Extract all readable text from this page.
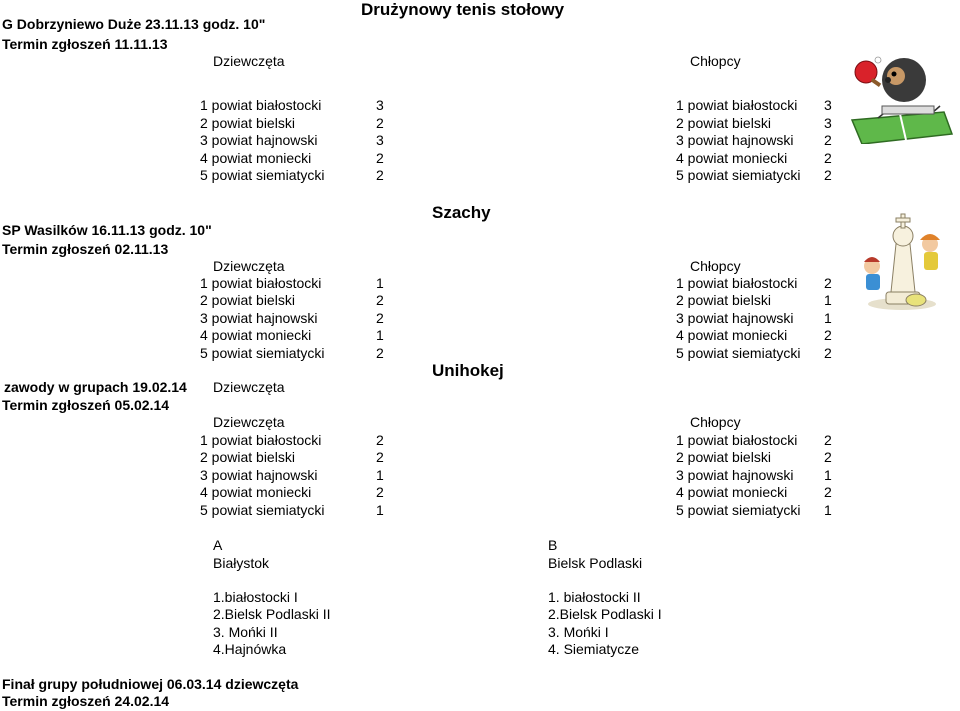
Drużynowy tenis stołowy
G Dobrzyniewo Duże 23.11.13 godz. 10"
Termin zgłoszeń 11.11.13
Dziewczęta	Chłopcy
1 powiat białostocki	3
2 powiat bielski	2
3 powiat hajnowski	3
4 powiat moniecki	2
5 powiat siemiatycki	2
1 powiat białostocki 3
2 powiat bielski	3
3 powiat hajnowski 2
4 powiat moniecki	2
5 powiat siemiatycki 2
Szachy
SP Wasilków 16.11.13 godz. 10"
Termin zgłoszeń 02.11.13
Dziewczęta	Chłopcy
1 powiat białostocki	1
2 powiat bielski	2
3 powiat hajnowski	2
4 powiat moniecki	1
5 powiat siemiatycki	2
1 powiat białostocki 2
2 powiat bielski	1
3 powiat hajnowski 1
4 powiat moniecki	2
5 powiat siemiatycki 2
Unihokej
zawody w grupach 19.02.14 Dziewczęta
Termin zgłoszeń 05.02.14
Dziewczęta	Chłopcy
1 powiat białostocki	2
2 powiat bielski	2
3 powiat hajnowski	1
4 powiat moniecki	2
5 powiat siemiatycki	1
1 powiat białostocki 2
2 powiat bielski	2
3 powiat hajnowski 1
4 powiat moniecki	2
5 powiat siemiatycki 1
A
Białystok
1.białostocki I
2.Bielsk Podlaski II
3. Mońki II
4.Hajnówka
B
Bielsk Podlaski
1. białostocki II
2.Bielsk Podlaski I
3. Mońki I
4. Siemiatycze
Finał grupy południowej 06.03.14 dziewczęta
Termin zgłoszeń 24.02.14
